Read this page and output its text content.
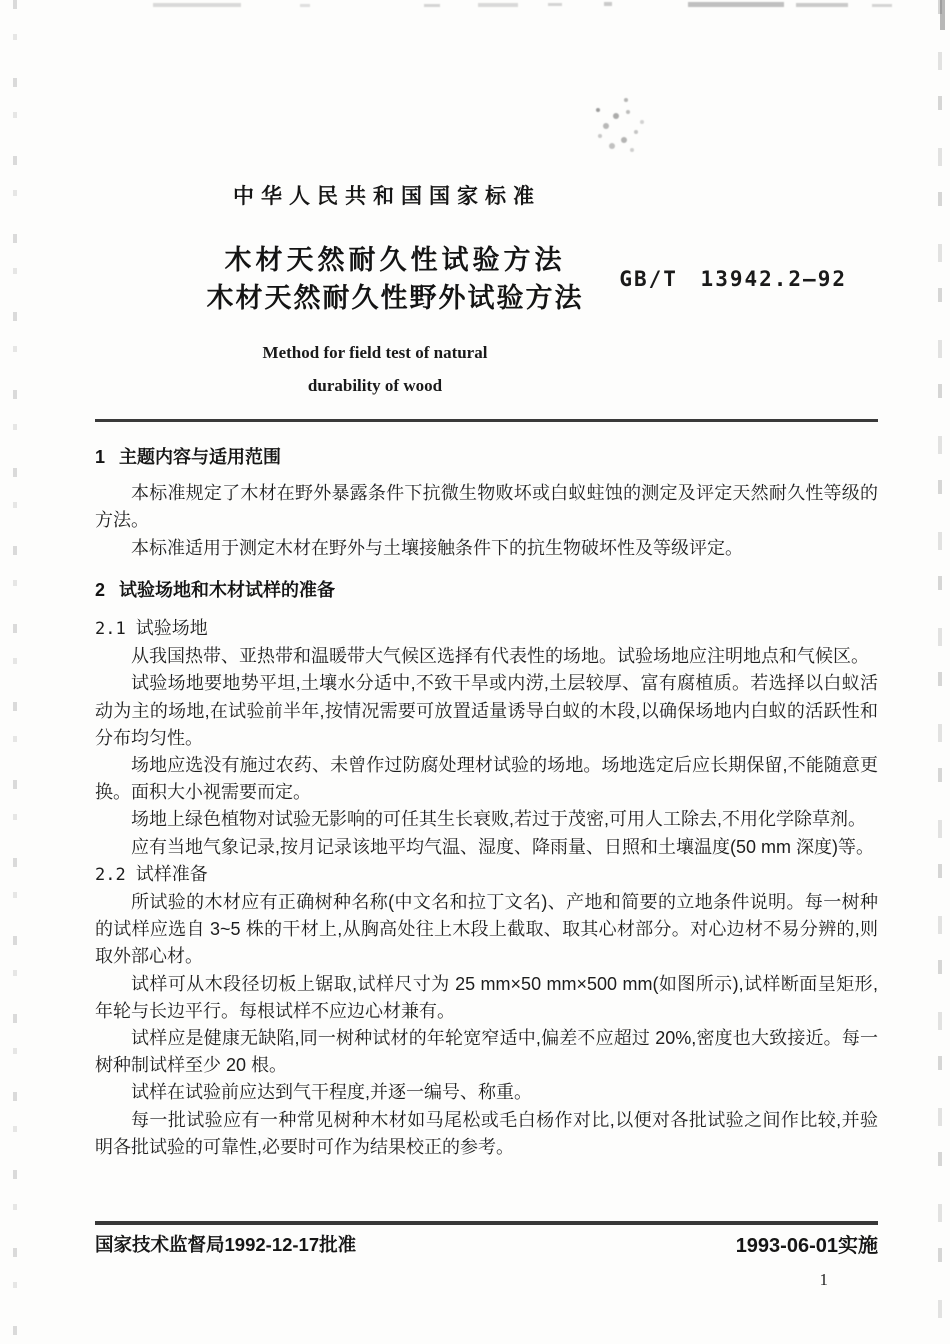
中华人民共和国国家标准
木材天然耐久性试验方法
木材天然耐久性野外试验方法
GB/T 13942.2—92
Method for field test of natural
durability of wood
1 主题内容与适用范围

本标准规定了木材在野外暴露条件下抗微生物败坏或白蚁蛀蚀的测定及评定天然耐久性等级的方法。

本标准适用于测定木材在野外与土壤接触条件下的抗生物破坏性及等级评定。

2 试验场地和木材试样的准备
2.1 试验场地

从我国热带、亚热带和温暖带大气候区选择有代表性的场地。试验场地应注明地点和气候区。

试验场地要地势平坦,土壤水分适中,不致干旱或内涝,土层较厚、富有腐植质。若选择以白蚁活动为主的场地,在试验前半年,按情况需要可放置适量诱导白蚁的木段,以确保场地内白蚁的活跃性和分布均匀性。

场地应选没有施过农药、未曾作过防腐处理材试验的场地。场地选定后应长期保留,不能随意更换。面积大小视需要而定。

场地上绿色植物对试验无影响的可任其生长衰败,若过于茂密,可用人工除去,不用化学除草剂。

应有当地气象记录,按月记录该地平均气温、湿度、降雨量、日照和土壤温度(50 mm 深度)等。

2.2 试样准备

所试验的木材应有正确树种名称(中文名和拉丁文名)、产地和简要的立地条件说明。每一树种的试样应选自 3~5 株的干材上,从胸高处往上木段上截取、取其心材部分。对心边材不易分辨的,则取外部心材。

试样可从木段径切板上锯取,试样尺寸为 25 mm×50 mm×500 mm(如图所示),试样断面呈矩形,年轮与长边平行。每根试样不应边心材兼有。

试样应是健康无缺陷,同一树种试材的年轮宽窄适中,偏差不应超过 20%,密度也大致接近。每一树种制试样至少 20 根。

试样在试验前应达到气干程度,并逐一编号、称重。

每一批试验应有一种常见树种木材如马尾松或毛白杨作对比,以便对各批试验之间作比较,并验明各批试验的可靠性,必要时可作为结果校正的参考。

国家技术监督局1992-12-17批准	1993-06-01实施
1
